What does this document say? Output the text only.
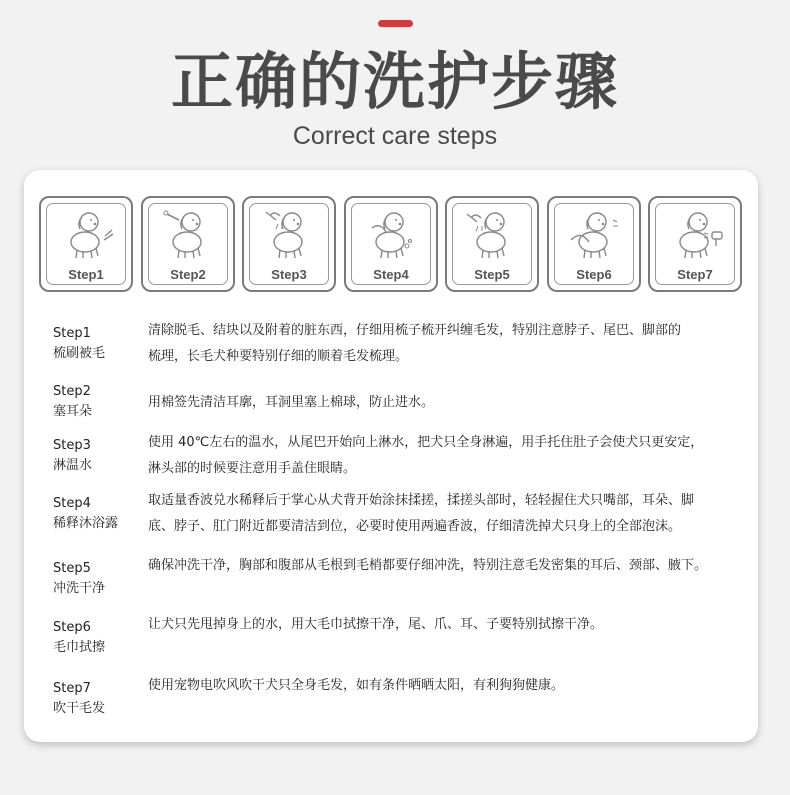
正确的洗护步骤
Correct care steps
Step1	Step2	Step3	Step4	Step5	Step6	Step7
Step1
梳刷被毛
清除脱毛、结块以及附着的脏东西，仔细用梳子梳开纠缠毛发，特别注意脖子、尾巴、脚部的
梳理，长毛犬种要特别仔细的顺着毛发梳理。
Step2
塞耳朵
用棉签先清洁耳廓，耳洞里塞上棉球，防止进水。
Step3
淋温水
使用 40℃左右的温水，从尾巴开始向上淋水，把犬只全身淋遍，用手托住肚子会使犬只更安定，
淋头部的时候要注意用手盖住眼睛。
Step4
稀释沐浴露
取适量香波兑水稀释后于掌心从犬背开始涂抹揉搓，揉搓头部时，轻轻握住犬只嘴部，耳朵、脚
底、脖子、肛门附近都要清洁到位，必要时使用两遍香波，仔细清洗掉犬只身上的全部泡沫。
Step5
冲洗干净
确保冲洗干净，胸部和腹部从毛根到毛梢都要仔细冲洗，特别注意毛发密集的耳后、颈部、腋下。
Step6
毛巾拭擦
让犬只先甩掉身上的水，用大毛巾拭擦干净，尾、爪、耳、子要特别拭擦干净。
Step7
吹干毛发
使用宠物电吹风吹干犬只全身毛发，如有条件晒晒太阳，有利狗狗健康。
